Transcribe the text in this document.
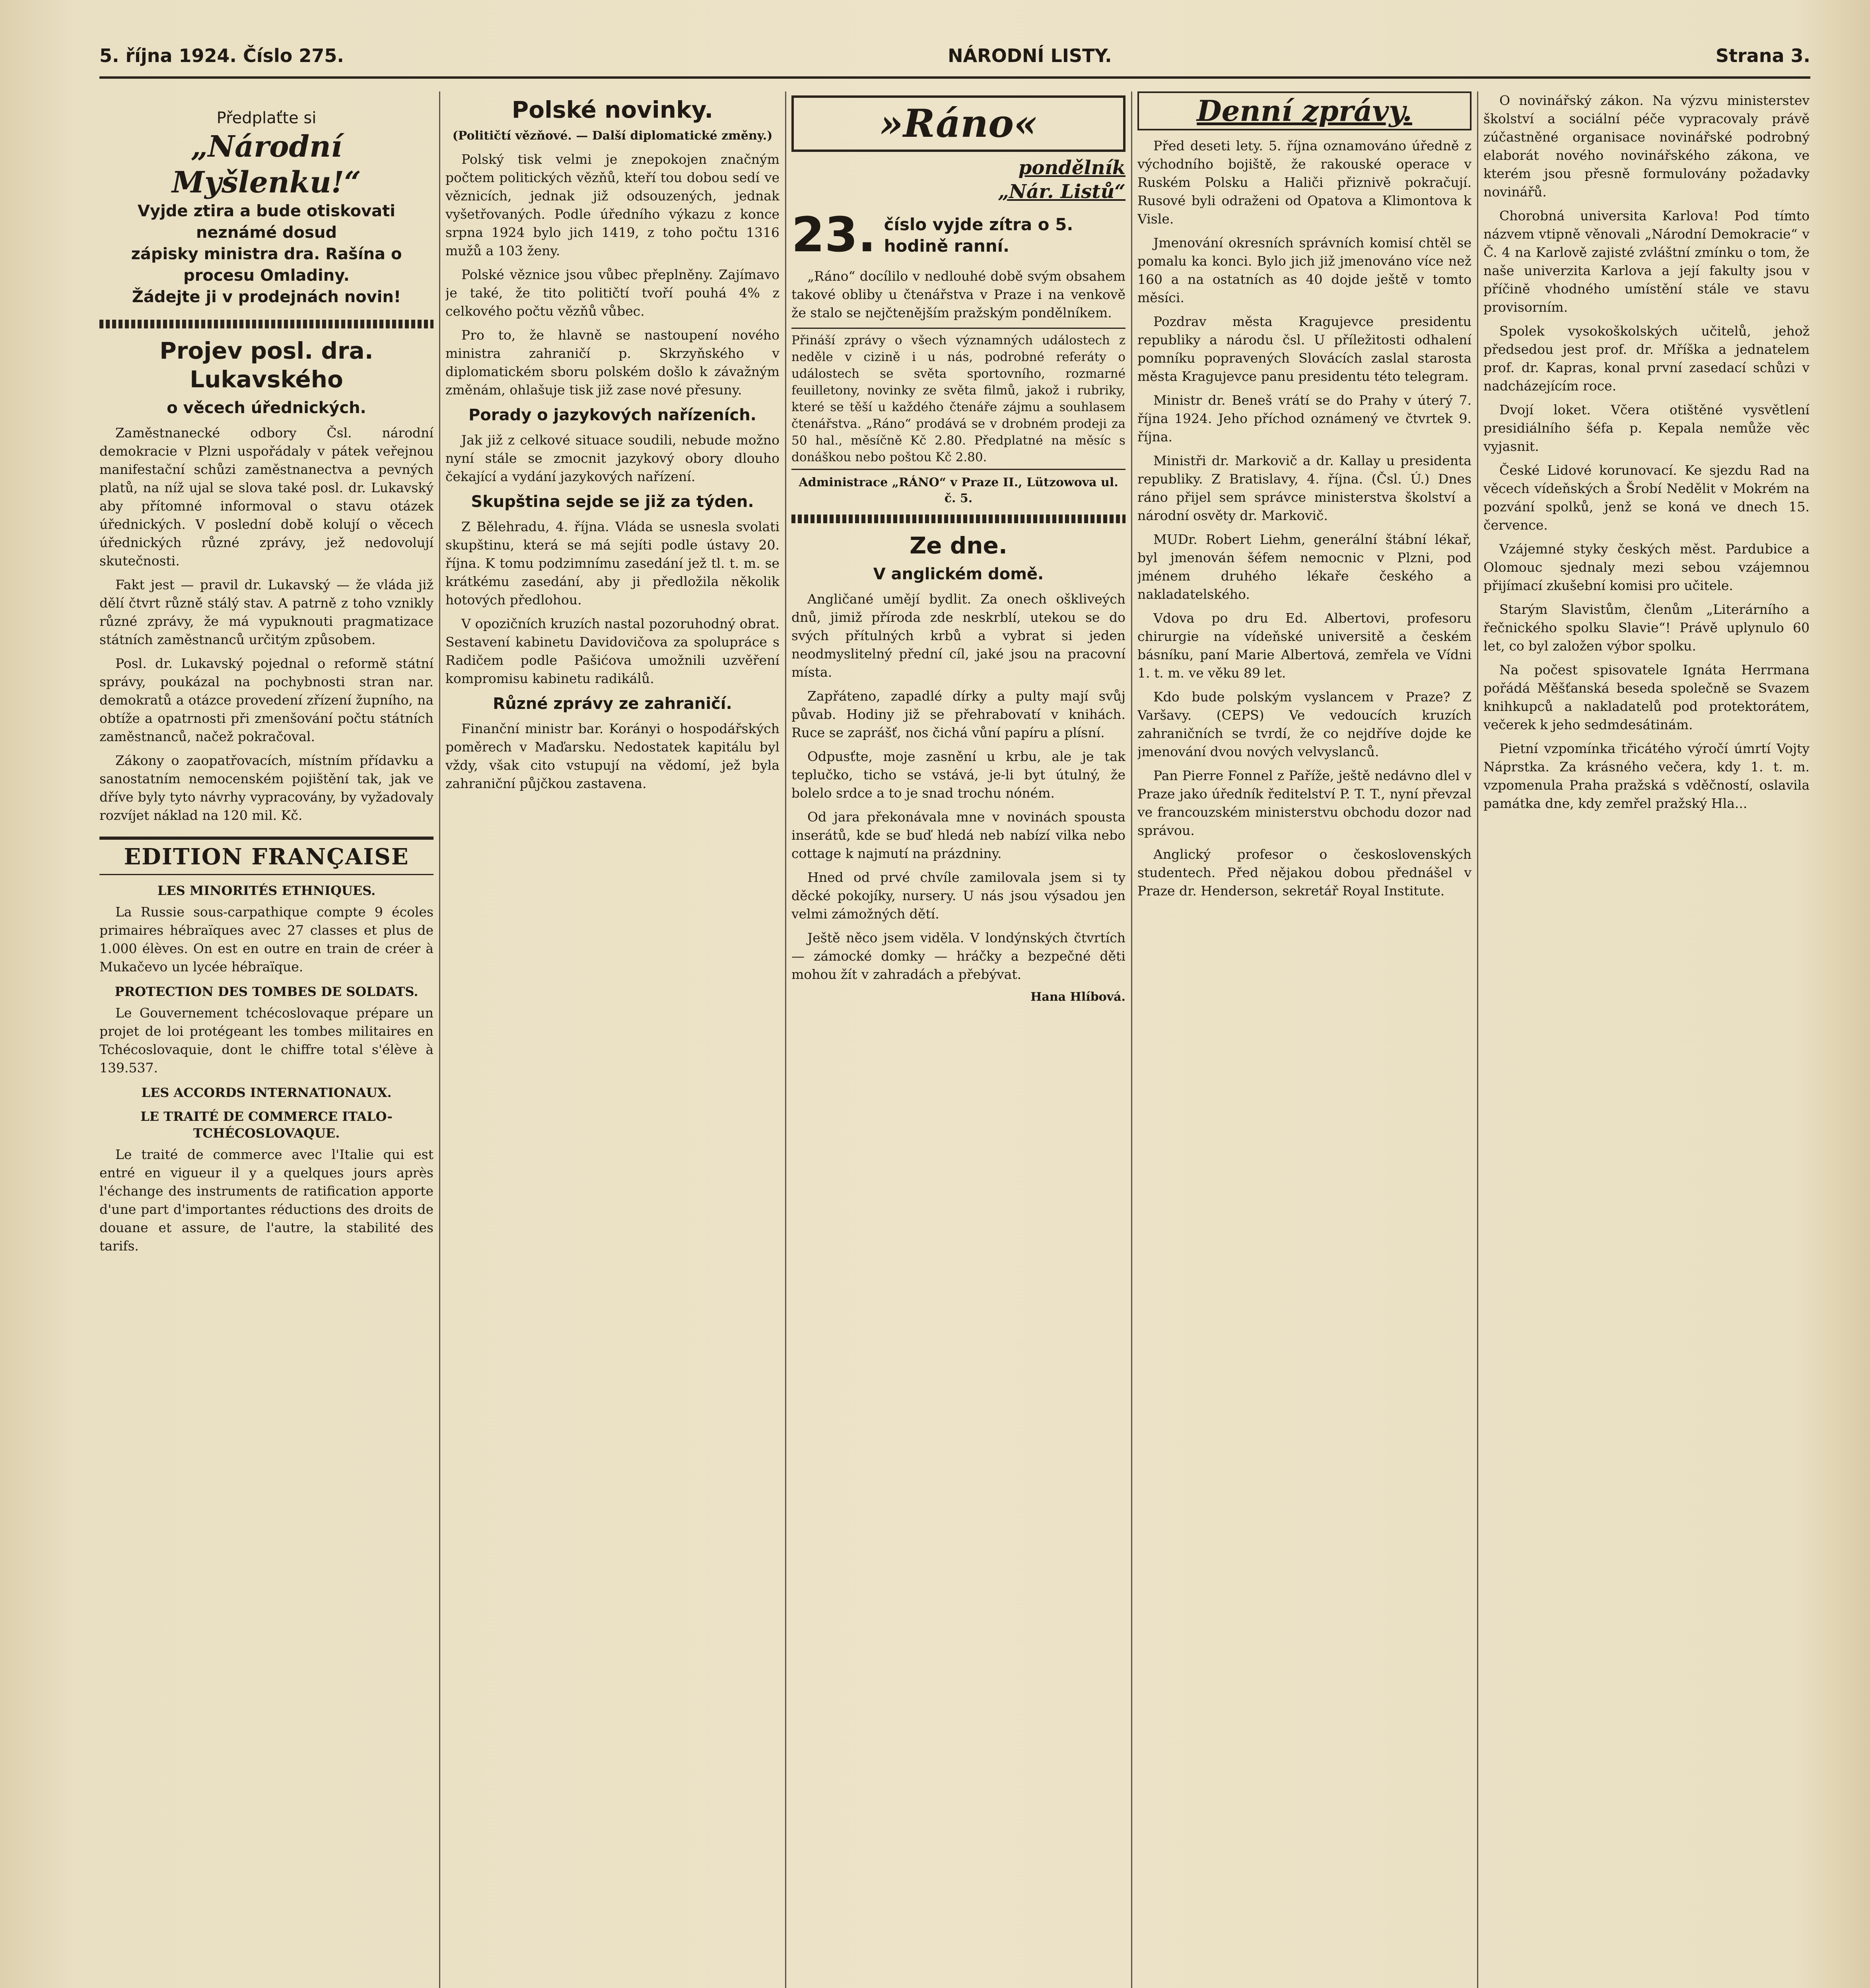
5. října 1924. Číslo 275.	NÁRODNÍ LISTY.	Strana 3.
Předplaťte si
„Národní Myšlenku!“
Vyjde ztira a bude otiskovati neznámé dosud
zápisky ministra dra. Rašína o procesu Omladiny.
Žádejte ji v prodejnách novin!
Projev posl. dra. Lukavského
o věcech úřednických.

Zaměstnanecké odbory Čsl. národní demokracie v Plzni uspořádaly v pátek veřejnou manifestační schůzi zaměstnanectva a pevných platů, na níž ujal se slova také posl. dr. Lukavský aby přítomné informoval o stavu otázek úřednických. V poslední době kolují o věcech úřednických různé zprávy, jež nedovolují skutečnosti.

Fakt jest — pravil dr. Lukavský — že vláda již dělí čtvrt různě stálý stav. A patrně z toho vznikly různé zprávy, že má vypuknouti pragmatizace státních zaměstnanců určitým způsobem.

Posl. dr. Lukavský pojednal o reformě státní správy, poukázal na pochybnosti stran nar. demokratů a otázce provedení zřízení župního, na obtíže a opatrnosti při zmenšování počtu státních zaměstnanců, načež pokračoval.

Zákony o zaopatřovacích, místním přídavku a sanostatním nemocenském pojištění tak, jak ve dříve byly tyto návrhy vypracovány, by vyžadovaly rozvíjet náklad na 120 mil. Kč.

EDITION FRANÇAISE
LES MINORITÉS ETHNIQUES.

La Russie sous-carpathique compte 9 écoles primaires hébraïques avec 27 classes et plus de 1.000 élèves. On est en outre en train de créer à Mukačevo un lycée hébraïque.

PROTECTION DES TOMBES DE SOLDATS.

Le Gouvernement tchécoslovaque prépare un projet de loi protégeant les tombes militaires en Tchécoslovaquie, dont le chiffre total s'élève à 139.537.

LES ACCORDS INTERNATIONAUX.
LE TRAITÉ DE COMMERCE ITALO-TCHÉCOSLOVAQUE.

Le traité de commerce avec l'Italie qui est entré en vigueur il y a quelques jours après l'échange des instruments de ratification apporte d'une part d'importantes réductions des droits de douane et assure, de l'autre, la stabilité des tarifs.

Polské novinky.
(Političtí vězňové. — Další diplomatické změny.)

Polský tisk velmi je znepokojen značným počtem politických vězňů, kteří tou dobou sedí ve věznicích, jednak již odsouzených, jednak vyšetřovaných. Podle úředního výkazu z konce srpna 1924 bylo jich 1419, z toho počtu 1316 mužů a 103 ženy.

Polské věznice jsou vůbec přeplněny. Zajímavo je také, že tito političtí tvoří pouhá 4% z celkového počtu vězňů vůbec.

Pro to, že hlavně se nastoupení nového ministra zahraničí p. Skrzyňského v diplomatickém sboru polském došlo k závažným změnám, ohlašuje tisk již zase nové přesuny.

Porady o jazykových nařízeních.

Jak již z celkové situace soudili, nebude možno nyní stále se zmocnit jazykový obory dlouho čekající a vydání jazykových nařízení.

Skupština sejde se již za týden.

Z Bělehradu, 4. října. Vláda se usnesla svolati skupštinu, která se má sejíti podle ústavy 20. října. K tomu podzimnímu zasedání jež tl. t. m. se krátkému zasedání, aby ji předložila několik hotových předlohou.

V opozičních kruzích nastal pozoruhodný obrat. Sestavení kabinetu Davidovičova za spolupráce s Radičem podle Pašićova umožnili uzvěření kompromisu kabinetu radikálů.

Různé zprávy ze zahraničí.

Finanční ministr bar. Korányi o hospodářských poměrech v Maďarsku. Nedostatek kapitálu byl vždy, však cito vstupují na vědomí, jež byla zahraniční půjčkou zastavena.

»Ráno«
pondělník
„Nár. Listů“
23. číslo vyjde zítra o 5. hodině ranní.

„Ráno“ docílilo v nedlouhé době svým obsahem takové obliby u čtenářstva v Praze i na venkově že stalo se nejčtenějším pražským pondělníkem.

Přináší zprávy o všech významných událostech z neděle v cizině i u nás, podrobné referáty o událostech se světa sportovního, rozmarné feuilletony, novinky ze světa filmů, jakož i rubriky, které se těší u každého čtenáře zájmu a souhlasem čtenářstva. „Ráno“ prodává se v drobném prodeji za 50 hal., měsíčně Kč 2.80. Předplatné na měsíc s donáškou nebo poštou Kč 2.80.

Administrace „RÁNO“ v Praze II., Lützowova ul. č. 5.
Ze dne.
V anglickém domě.

Angličané umějí bydlit. Za onech oškliveých dnů, jimiž příroda zde neskrblí, utekou se do svých přítulných krbů a vybrat si jeden neodmyslitelný přední cíl, jaké jsou na pracovní místa.

Zapřáteno, zapadlé dírky a pulty mají svůj půvab. Hodiny již se přehrabovatí v knihách. Ruce se zaprášť, nos čichá vůní papíru a plísní.

Odpusťte, moje zasnění u krbu, ale je tak teplučko, ticho se vstává, je-li byt útulný, že bolelo srdce a to je snad trochu nóném.

Od jara překonávala mne v novinách spousta inserátů, kde se buď hledá neb nabízí vilka nebo cottage k najmutí na prázdniny.

Hned od prvé chvíle zamilovala jsem si ty děcké pokojíky, nursery. U nás jsou výsadou jen velmi zámožných dětí.

Ještě něco jsem viděla. V londýnských čtvrtích — zámocké domky — hráčky a bezpečné děti mohou žít v zahradách a přebývat.

Hana Hlíbová.
Denní zprávy.

Před deseti lety. 5. října oznamováno úředně z východního bojiště, že rakouské operace v Ruském Polsku a Haliči přiznivě pokračují. Rusové byli odraženi od Opatova a Klimontova k Visle.

Jmenování okresních správních komisí chtěl se pomalu ka konci. Bylo jich již jmenováno více než 160 a na ostatních as 40 dojde ještě v tomto měsíci.

Pozdrav města Kragujevce presidentu republiky a národu čsl. U příležitosti odhalení pomníku popravených Slovácích zaslal starosta města Kragujevce panu presidentu této telegram.

Ministr dr. Beneš vrátí se do Prahy v úterý 7. října 1924. Jeho příchod oznámený ve čtvrtek 9. října.

Ministři dr. Markovič a dr. Kallay u presidenta republiky. Z Bratislavy, 4. října. (Čsl. Ú.) Dnes ráno přijel sem správce ministerstva školství a národní osvěty dr. Markovič.

MUDr. Robert Liehm, generální štábní lékař, byl jmenován šéfem nemocnic v Plzni, pod jménem druhého lékaře českého a nakladatelského.

Vdova po dru Ed. Albertovi, profesoru chirurgie na vídeňské universitě a českém básníku, paní Marie Albertová, zemřela ve Vídni 1. t. m. ve věku 89 let.

Kdo bude polským vyslancem v Praze? Z Varšavy. (CEPS) Ve vedoucích kruzích zahraničních se tvrdí, že co nejdříve dojde ke jmenování dvou nových velvyslanců.

Pan Pierre Fonnel z Paříže, ještě nedávno dlel v Praze jako úředník ředitelství P. T. T., nyní převzal ve francouzském ministerstvu obchodu dozor nad správou.

Anglický profesor o československých studentech. Před nějakou dobou přednášel v Praze dr. Henderson, sekretář Royal Institute.

O novinářský zákon. Na výzvu ministerstev školství a sociální péče vypracovaly právě zúčastněné organisace novinářské podrobný elaborát nového novinářského zákona, ve kterém jsou přesně formulovány požadavky novinářů.

Chorobná universita Karlova! Pod tímto názvem vtipně věnovali „Národní Demokracie“ v Č. 4 na Karlově zajisté zvláštní zmínku o tom, že naše univerzita Karlova a její fakulty jsou v příčině vhodného umístění stále ve stavu provisorním.

Spolek vysokoškolských učitelů, jehož předsedou jest prof. dr. Mříška a jednatelem prof. dr. Kapras, konal první zasedací schůzi v nadcházejícím roce.

Dvojí loket. Včera otištěné vysvětlení presidiálního šéfa p. Kepala nemůže věc vyjasnit.

České Lidové korunovací. Ke sjezdu Rad na věcech vídeňských a Šrobí Nedělit v Mokrém na pozvání spolků, jenž se koná ve dnech 15. července.

Vzájemné styky českých měst. Pardubice a Olomouc sjednaly mezi sebou vzájemnou přijímací zkušební komisi pro učitele.

Starým Slavistům, členům „Literárního a řečnického spolku Slavie“! Právě uplynulo 60 let, co byl založen výbor spolku.

Na počest spisovatele Ignáta Herrmana pořádá Měšťanská beseda společně se Svazem knihkupců a nakladatelů pod protektorátem, večerek k jeho sedmdesátinám.

Pietní vzpomínka třicátého výročí úmrtí Vojty Náprstka. Za krásného večera, kdy 1. t. m. vzpomenula Praha pražská s vděčností, oslavila památka dne, kdy zemřel pražský Hla...
